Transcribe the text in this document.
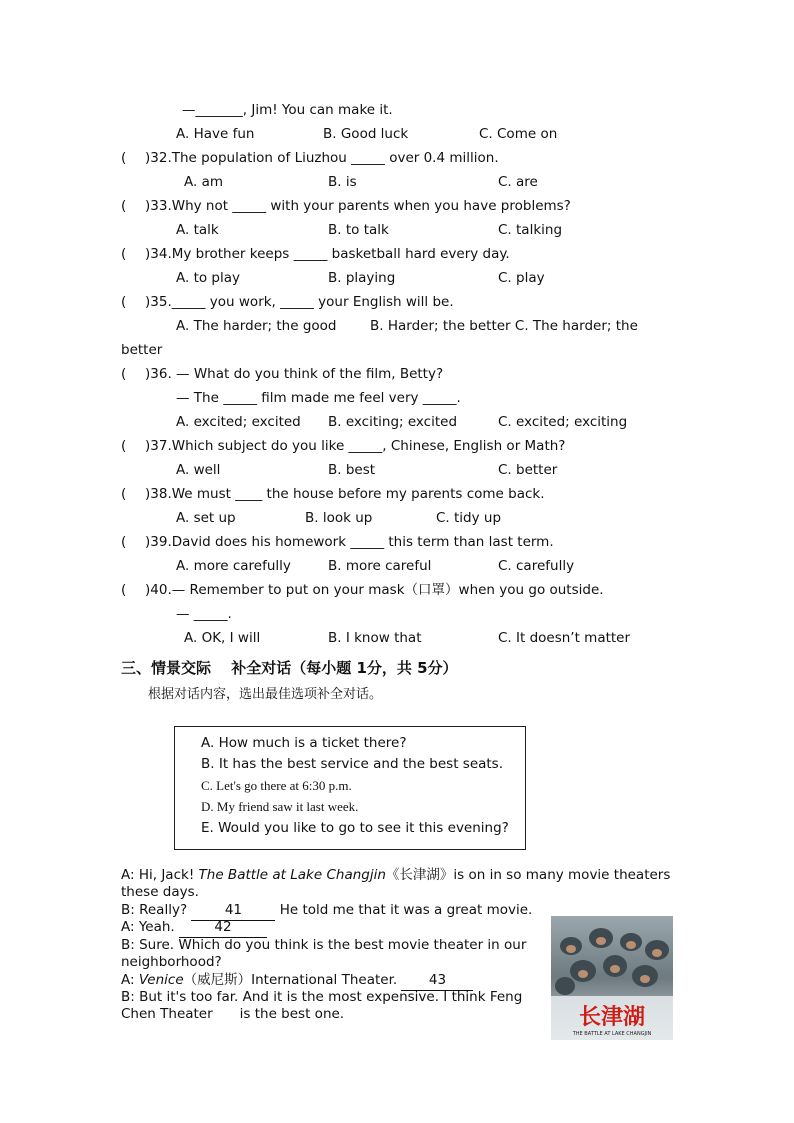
—_______, Jim! You can make it.
A. Have fun	B. Good luck	C. Come on
( )32.The population of Liuzhou _____ over 0.4 million.
A. am	B. is	C. are
( )33.Why not _____ with your parents when you have problems?
A. talk	B. to talk	C. talking
( )34.My brother keeps _____ basketball hard every day.
A. to play	B. playing	C. play
( )35._____ you work, _____ your English will be.
A. The harder; the good B. Harder; the better C. The harder; the
better
( )36. — What do you think of the film, Betty?
— The _____ film made me feel very _____.
A. excited; excited B. exciting; excited	C. excited; exciting
( )37.Which subject do you like _____, Chinese, English or Math?
A. well	B. best	C. better
( )38.We must ____ the house before my parents come back.
A. set up	B. look up	C. tidy up
( )39.David does his homework _____ this term than last term.
A. more carefully	B. more careful	C. carefully
( )40.— Remember to put on your mask（口罩）when you go outside.
— _____.
A. OK, I will	B. I know that	C. It doesn’t matter
三、情景交际　 补全对话（每小题 1分，共 5分）
根据对话内容，选出最佳选项补全对话。
A. How much is a ticket there?
B. It has the best service and the best seats.
C. Let's go there at 6:30 p.m.
D. My friend saw it last week.
E. Would you like to go to see it this evening?
A: Hi, Jack! The Battle at Lake Changjin《长津湖》is on in so many movie theaters
these days.
B: Really?	41	He told me that it was a great movie.
A: Yeah.	42
B: Sure. Which do you think is the best movie theater in our
neighborhood?
A: Venice（威尼斯）International Theater. 43
B: But it's too far. And it is the most expensive. I think Feng
Chen Theater　　is the best one.	长津湖
THE BATTLE AT LAKE CHANGJIN
